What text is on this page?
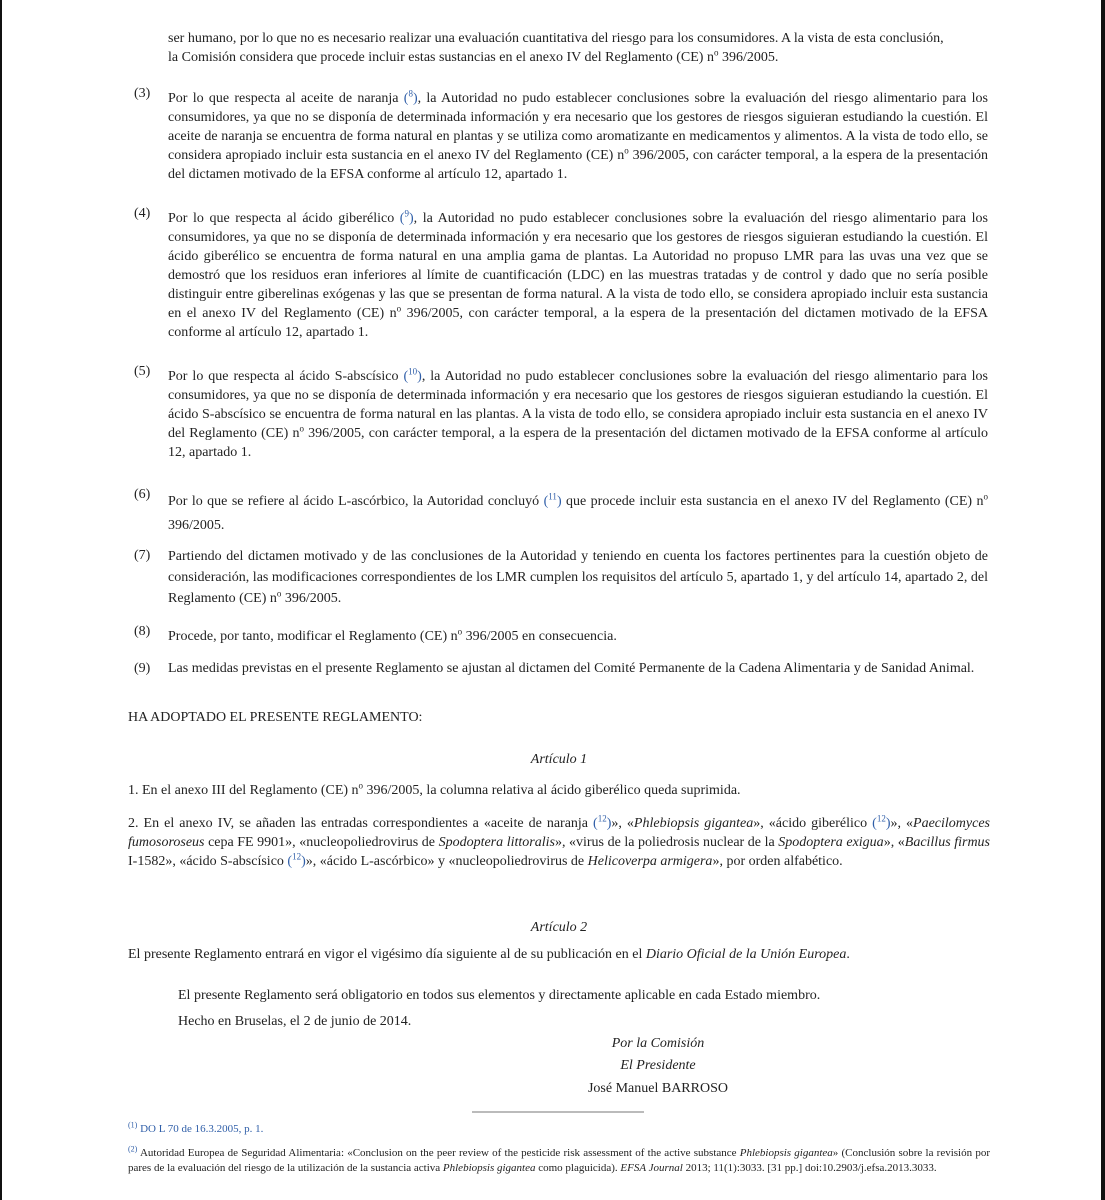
ser humano, por lo que no es necesario realizar una evaluación cuantitativa del riesgo para los consumidores. A la vista de esta conclusión,
la Comisión considera que procede incluir estas sustancias en el anexo IV del Reglamento (CE) $n^o$ 396/2005.
(3) Por lo que respecta al aceite de naranja ($^8$), la Autoridad no pudo establecer conclusiones sobre la evaluación del riesgo alimentario para los consumidores, ya que no se disponía de determinada información y era necesario que los gestores de riesgos siguieran estudiando la cuestión. El aceite de naranja se encuentra de forma natural en plantas y se utiliza como aromatizante en medicamentos y alimentos. A la vista de todo ello, se considera apropiado incluir esta sustancia en el anexo IV del Reglamento (CE) $n^o$ 396/2005, con carácter temporal, a la espera de la presentación del dictamen motivado de la EFSA conforme al artículo 12, apartado 1.
(4) Por lo que respecta al ácido giberélico ($^9$), la Autoridad no pudo establecer conclusiones sobre la evaluación del riesgo alimentario para los consumidores, ya que no se disponía de determinada información y era necesario que los gestores de riesgos siguieran estudiando la cuestión. El ácido giberélico se encuentra de forma natural en una amplia gama de plantas. La Autoridad no propuso LMR para las uvas una vez que se demostró que los residuos eran inferiores al límite de cuantificación (LDC) en las muestras tratadas y de control y dado que no sería posible distinguir entre giberelinas exógenas y las que se presentan de forma natural. A la vista de todo ello, se considera apropiado incluir esta sustancia en el anexo IV del Reglamento (CE) $n^o$ 396/2005, con carácter temporal, a la espera de la presentación del dictamen motivado de la EFSA conforme al artículo 12, apartado 1.
(5) Por lo que respecta al ácido S-abscísico ($^{10}$), la Autoridad no pudo establecer conclusiones sobre la evaluación del riesgo alimentario para los consumidores, ya que no se disponía de determinada información y era necesario que los gestores de riesgos siguieran estudiando la cuestión. El ácido S-abscísico se encuentra de forma natural en las plantas. A la vista de todo ello, se considera apropiado incluir esta sustancia en el anexo IV del Reglamento (CE) $n^o$ 396/2005, con carácter temporal, a la espera de la presentación del dictamen motivado de la EFSA conforme al artículo 12, apartado 1.
(6) Por lo que se refiere al ácido L-ascórbico, la Autoridad concluyó ($^{11}$) que procede incluir esta sustancia en el anexo IV del Reglamento (CE) $n^o$ 396/2005.
(7) Partiendo del dictamen motivado y de las conclusiones de la Autoridad y teniendo en cuenta los factores pertinentes para la cuestión objeto de consideración, las modificaciones correspondientes de los LMR cumplen los requisitos del artículo 5, apartado 1, y del artículo 14, apartado 2, del Reglamento (CE) $n^o$ 396/2005.
(8) Procede, por tanto, modificar el Reglamento (CE) $n^o$ 396/2005 en consecuencia.
(9) Las medidas previstas en el presente Reglamento se ajustan al dictamen del Comité Permanente de la Cadena Alimentaria y de Sanidad Animal.
HA ADOPTADO EL PRESENTE REGLAMENTO:
Artículo 1
1. En el anexo III del Reglamento (CE) $n^o$ 396/2005, la columna relativa al ácido giberélico queda suprimida.
2. En el anexo IV, se añaden las entradas correspondientes a «aceite de naranja ($^{12}$)», «Phlebiopsis gigantea», «ácido giberélico ($^{12}$)», «Paecilomyces fumosoroseus cepa FE 9901», «nucleopoliedrovirus de Spodoptera littoralis», «virus de la poliedrosis nuclear de la Spodoptera exigua», «Bacillus firmus I-1582», «ácido S-abscísico ($^{12}$)», «ácido L-ascórbico» y «nucleopoliedrovirus de Helicoverpa armigera», por orden alfabético.
Artículo 2
El presente Reglamento entrará en vigor el vigésimo día siguiente al de su publicación en el Diario Oficial de la Unión Europea.
El presente Reglamento será obligatorio en todos sus elementos y directamente aplicable en cada Estado miembro.
Hecho en Bruselas, el 2 de junio de 2014.
Por la Comisión
El Presidente
José Manuel BARROSO
$^{(1)}$ DO L 70 de 16.3.2005, p. 1.
$^{(2)}$ Autoridad Europea de Seguridad Alimentaria: «Conclusion on the peer review of the pesticide risk assessment of the active substance Phlebiopsis gigantea» (Conclusión sobre la revisión por pares de la evaluación del riesgo de la utilización de la sustancia activa Phlebiopsis gigantea como plaguicida). EFSA Journal 2013; 11(1):3033. [31 pp.] doi:10.2903/j.efsa.2013.3033.
